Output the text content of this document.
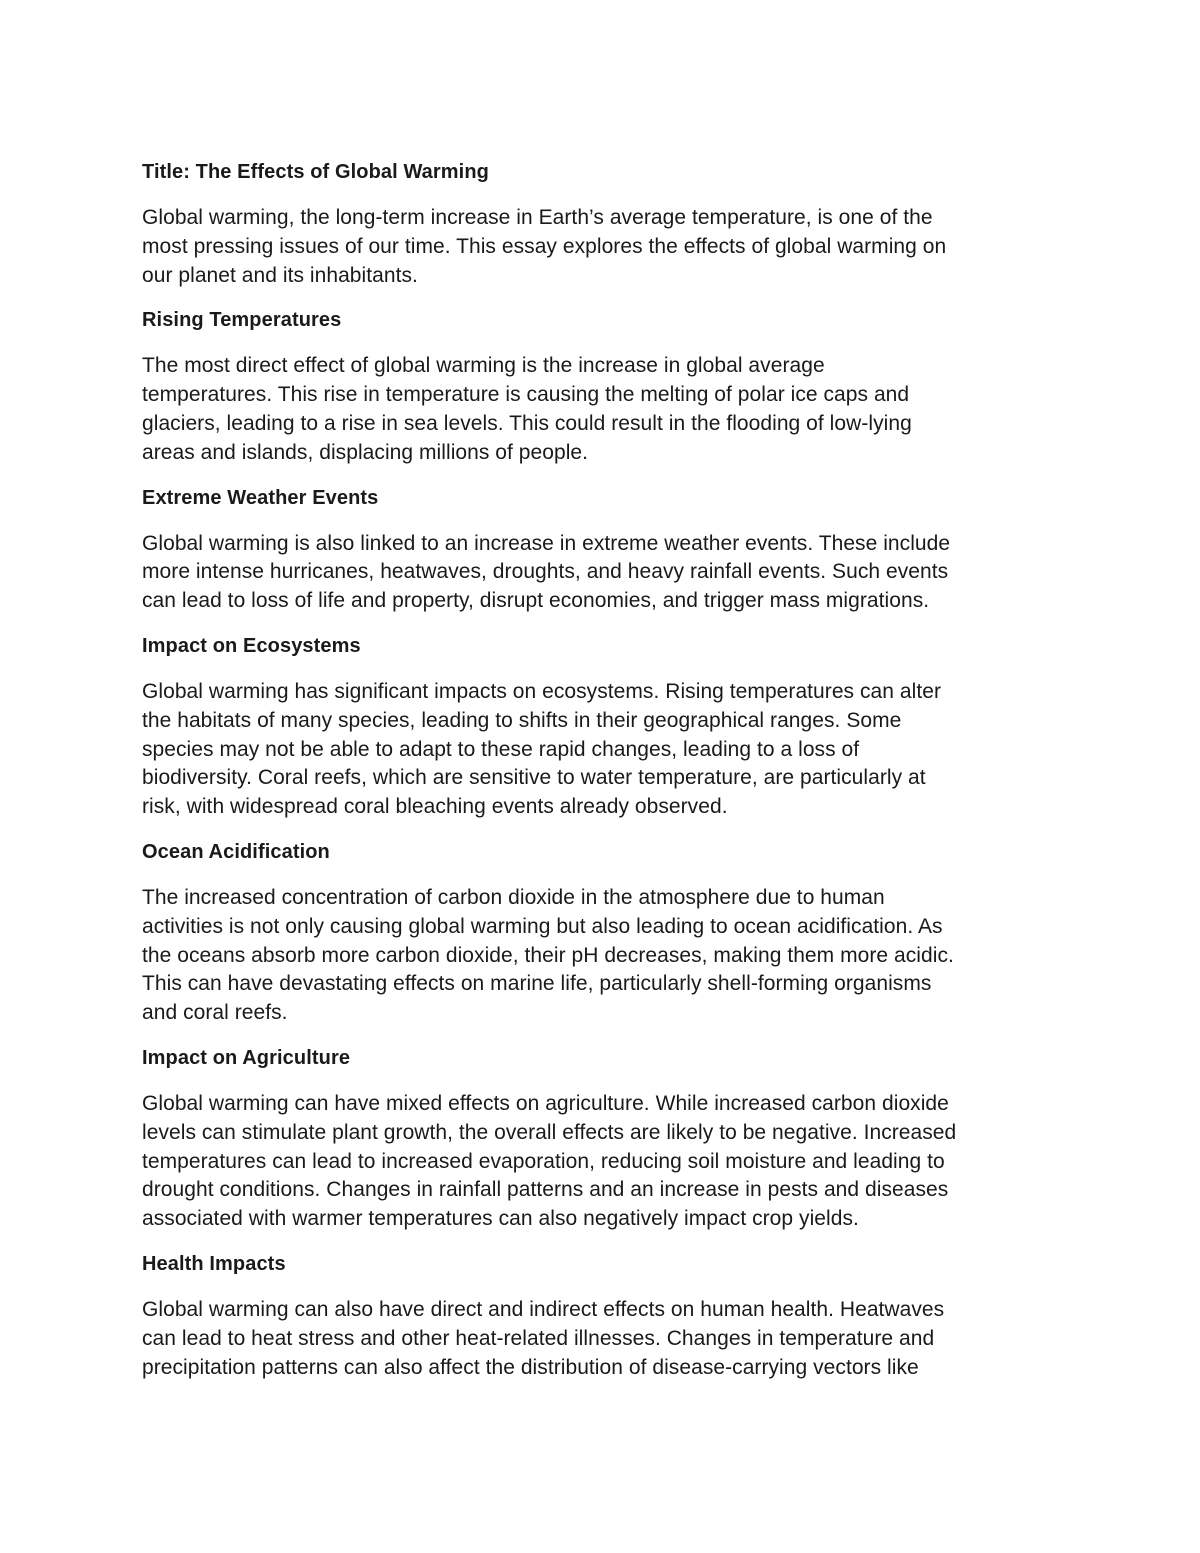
Title: The Effects of Global Warming
Global warming, the long-term increase in Earth’s average temperature, is one of the
most pressing issues of our time. This essay explores the effects of global warming on
our planet and its inhabitants.
Rising Temperatures
The most direct effect of global warming is the increase in global average
temperatures. This rise in temperature is causing the melting of polar ice caps and
glaciers, leading to a rise in sea levels. This could result in the flooding of low-lying
areas and islands, displacing millions of people.
Extreme Weather Events
Global warming is also linked to an increase in extreme weather events. These include
more intense hurricanes, heatwaves, droughts, and heavy rainfall events. Such events
can lead to loss of life and property, disrupt economies, and trigger mass migrations.
Impact on Ecosystems
Global warming has significant impacts on ecosystems. Rising temperatures can alter
the habitats of many species, leading to shifts in their geographical ranges. Some
species may not be able to adapt to these rapid changes, leading to a loss of
biodiversity. Coral reefs, which are sensitive to water temperature, are particularly at
risk, with widespread coral bleaching events already observed.
Ocean Acidification
The increased concentration of carbon dioxide in the atmosphere due to human
activities is not only causing global warming but also leading to ocean acidification. As
the oceans absorb more carbon dioxide, their pH decreases, making them more acidic.
This can have devastating effects on marine life, particularly shell-forming organisms
and coral reefs.
Impact on Agriculture
Global warming can have mixed effects on agriculture. While increased carbon dioxide
levels can stimulate plant growth, the overall effects are likely to be negative. Increased
temperatures can lead to increased evaporation, reducing soil moisture and leading to
drought conditions. Changes in rainfall patterns and an increase in pests and diseases
associated with warmer temperatures can also negatively impact crop yields.
Health Impacts
Global warming can also have direct and indirect effects on human health. Heatwaves
can lead to heat stress and other heat-related illnesses. Changes in temperature and
precipitation patterns can also affect the distribution of disease-carrying vectors like
